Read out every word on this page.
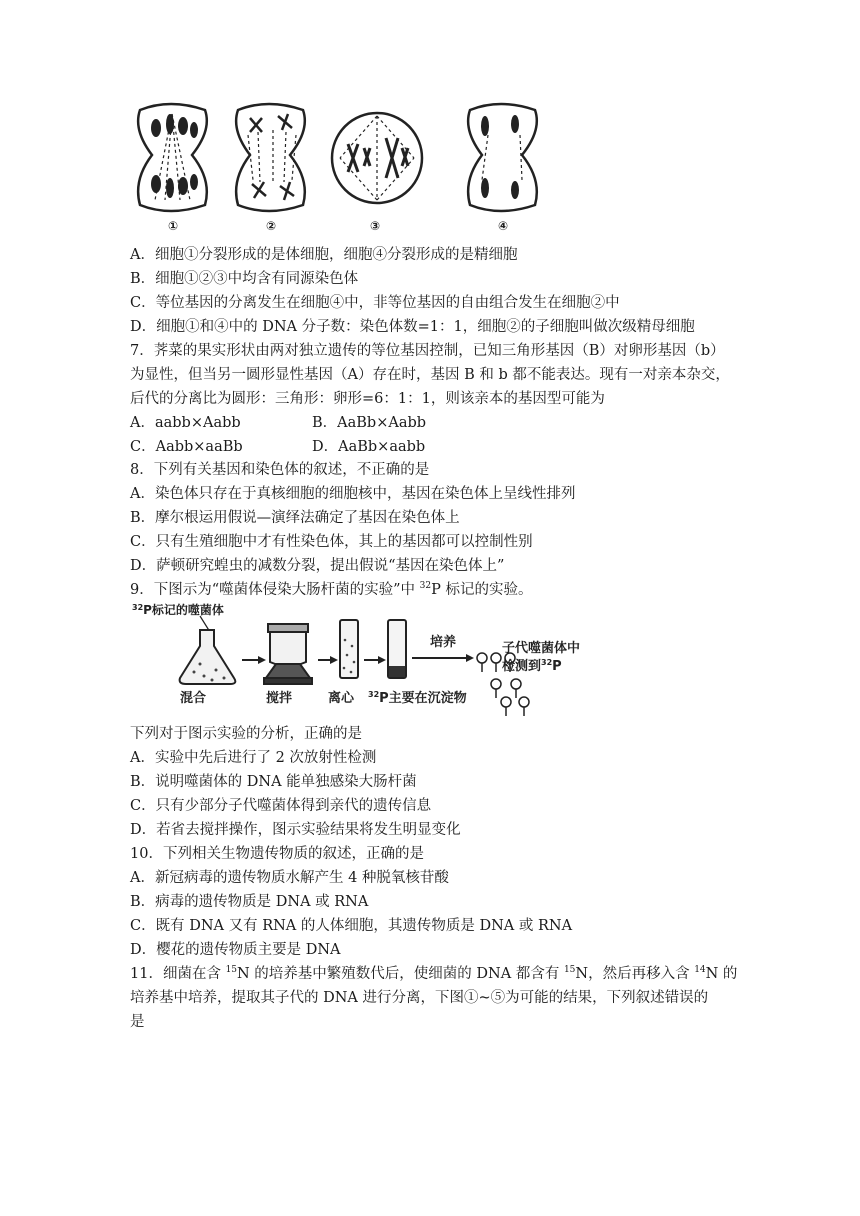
①	②	③	④
A．细胞①分裂形成的是体细胞，细胞④分裂形成的是精细胞
B．细胞①②③中均含有同源染色体
C．等位基因的分离发生在细胞④中，非等位基因的自由组合发生在细胞②中
D．细胞①和④中的 DNA 分子数：染色体数=1：1，细胞②的子细胞叫做次级精母细胞
7．荠菜的果实形状由两对独立遗传的等位基因控制，已知三角形基因（B）对卵形基因（b）
为显性，但当另一圆形显性基因（A）存在时，基因 B 和 b 都不能表达。现有一对亲本杂交，
后代的分离比为圆形：三角形：卵形=6：1：1，则该亲本的基因型可能为
A．aabb×Aabb	B．AaBb×Aabb
C．Aabb×aaBb	D．AaBb×aabb
8．下列有关基因和染色体的叙述，不正确的是
A．染色体只存在于真核细胞的细胞核中，基因在染色体上呈线性排列
B．摩尔根运用假说—演绎法确定了基因在染色体上
C．只有生殖细胞中才有性染色体，其上的基因都可以控制性别
D．萨顿研究蝗虫的减数分裂，提出假说“基因在染色体上”
9．下图示为“噬菌体侵染大肠杆菌的实验”中 $^{32}$P 标记的实验。
$^{32}$P标记的噬菌体
培养	子代噬菌体中
检测到$^{32}$P
混合	搅拌	离心 $^{32}$P主要在沉淀物
下列对于图示实验的分析，正确的是
A．实验中先后进行了 2 次放射性检测
B．说明噬菌体的 DNA 能单独感染大肠杆菌
C．只有少部分子代噬菌体得到亲代的遗传信息
D．若省去搅拌操作，图示实验结果将发生明显变化
10．下列相关生物遗传物质的叙述，正确的是
A．新冠病毒的遗传物质水解产生 4 种脱氧核苷酸
B．病毒的遗传物质是 DNA 或 RNA
C．既有 DNA 又有 RNA 的人体细胞，其遗传物质是 DNA 或 RNA
D．樱花的遗传物质主要是 DNA
11．细菌在含 $^{15}$N 的培养基中繁殖数代后，使细菌的 DNA 都含有 $^{15}$N，然后再移入含 $^{14}$N 的
培养基中培养，提取其子代的 DNA 进行分离，下图①~⑤为可能的结果，下列叙述错误的
是
